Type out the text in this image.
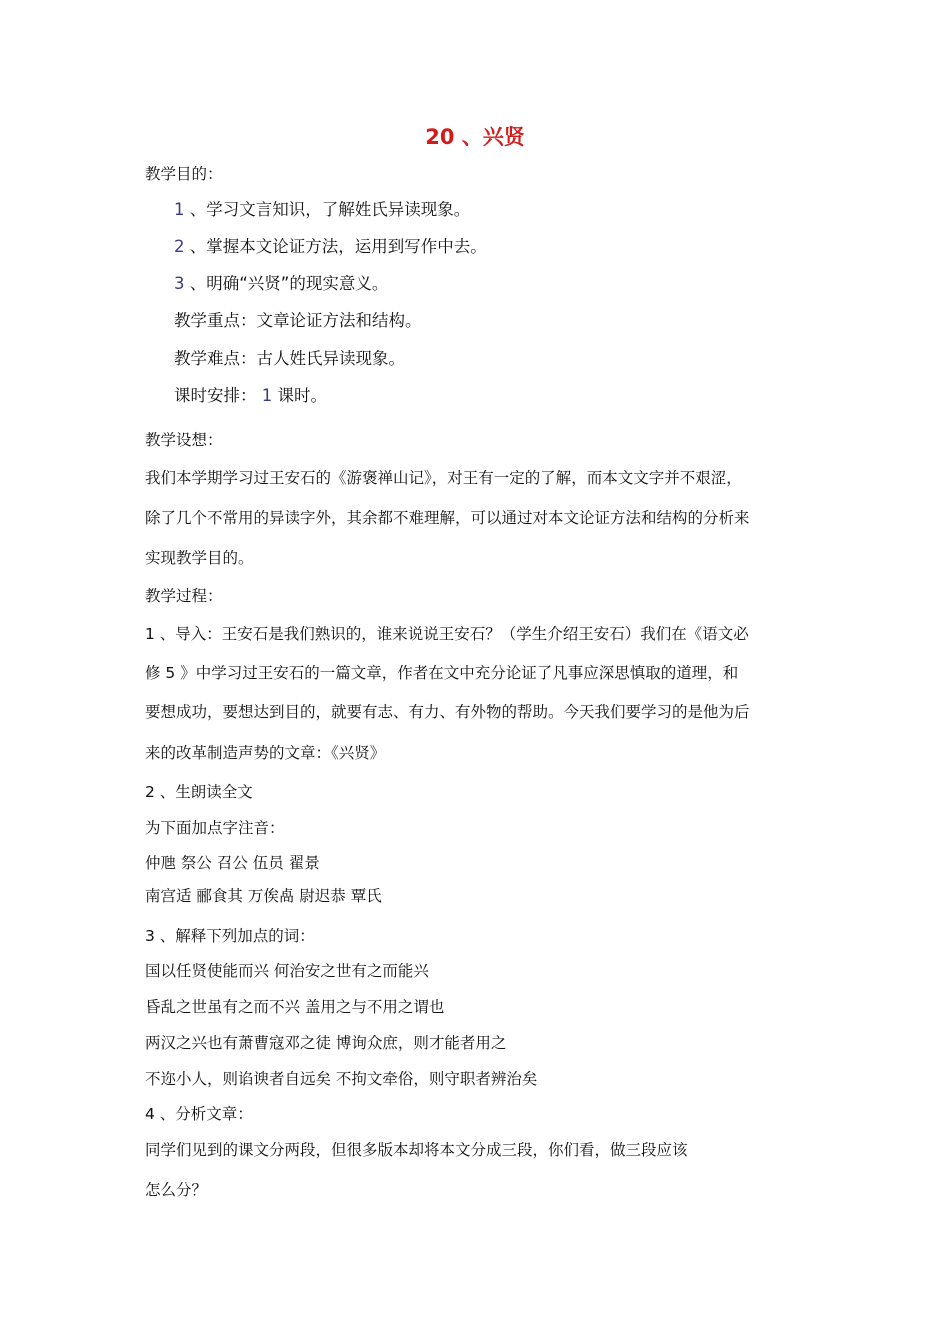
20 、兴贤
教学目的：
1 、学习文言知识，了解姓氏异读现象。
2 、掌握本文论证方法，运用到写作中去。
3 、明确“兴贤”的现实意义。
教学重点：文章论证方法和结构。
教学难点：古人姓氏异读现象。
课时安排： 1 课时。
教学设想：
我们本学期学习过王安石的《游褒禅山记》，对王有一定的了解，而本文文字并不艰涩，
除了几个不常用的异读字外，其余都不难理解，可以通过对本文论证方法和结构的分析来
实现教学目的。
教学过程：
1 、导入：王安石是我们熟识的，谁来说说王安石？（学生介绍王安石）我们在《语文必
修 5 》中学习过王安石的一篇文章，作者在文中充分论证了凡事应深思慎取的道理，和
要想成功，要想达到目的，就要有志、有力、有外物的帮助。今天我们要学习的是他为后
来的改革制造声势的文章：《兴贤》
2 、生朗读全文
为下面加点字注音：
仲虺 祭公 召公 伍员 翟景
南宫适 郦食其 万俟卨 尉迟恭 覃氏
3 、解释下列加点的词：
国以任贤使能而兴 何治安之世有之而能兴
昏乱之世虽有之而不兴 盖用之与不用之谓也
两汉之兴也有萧曹寇邓之徒 博询众庶，则才能者用之
不迩小人，则谄谀者自远矣 不拘文牵俗，则守职者辨治矣
4 、分析文章：
同学们见到的课文分两段，但很多版本却将本文分成三段，你们看，做三段应该
怎么分？
